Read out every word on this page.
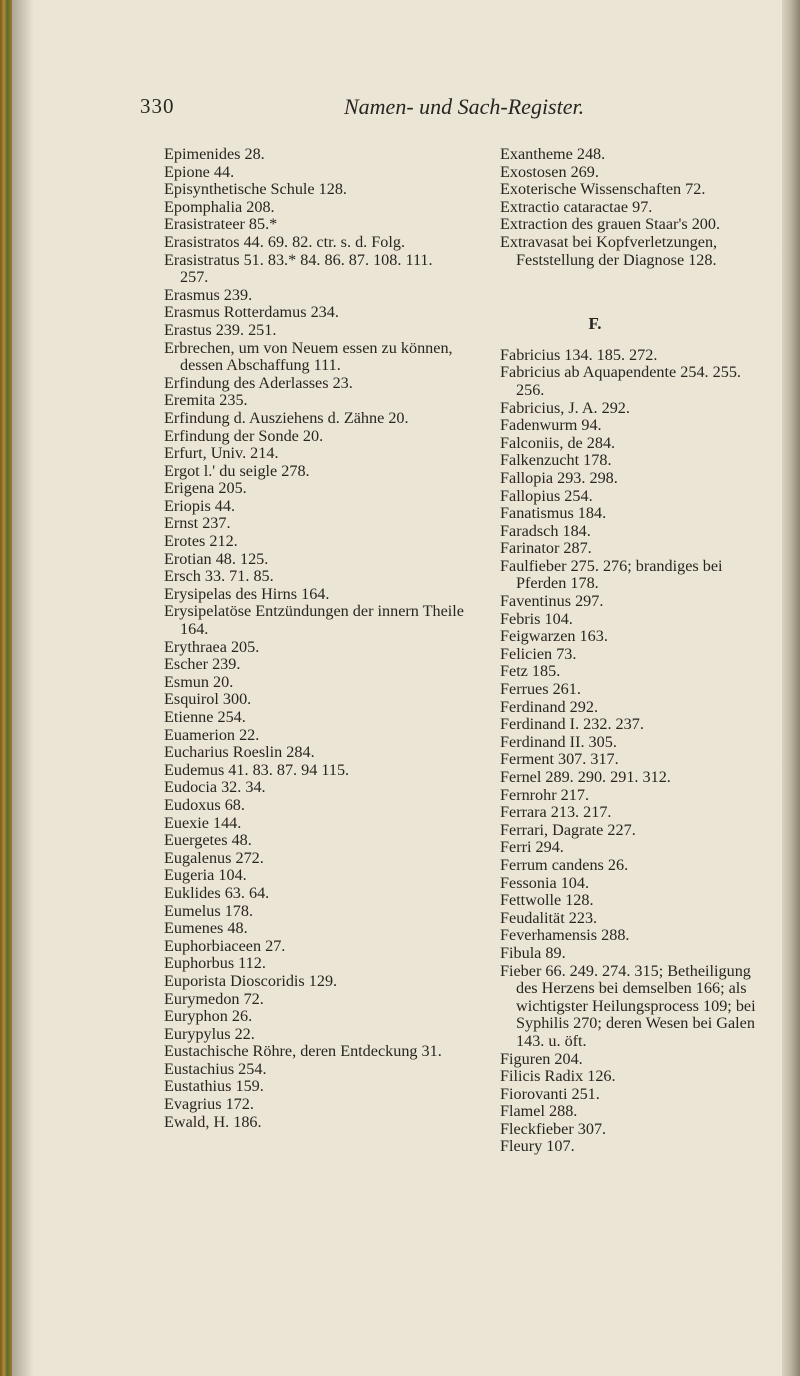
330	Namen- und Sach-Register.
Epimenides 28.
Epione 44.
Episynthetische Schule 128.
Epomphalia 208.
Erasistrateer 85.*
Erasistratos 44. 69. 82. ctr. s. d. Folg.
Erasistratus 51. 83.* 84. 86. 87. 108. 111. 257.
Erasmus 239.
Erasmus Rotterdamus 234.
Erastus 239. 251.
Erbrechen, um von Neuem essen zu können, dessen Abschaffung 111.
Erfindung des Aderlasses 23.
Eremita 235.
Erfindung d. Ausziehens d. Zähne 20.
Erfindung der Sonde 20.
Erfurt, Univ. 214.
Ergot l.' du seigle 278.
Erigena 205.
Eriopis 44.
Ernst 237.
Erotes 212.
Erotian 48. 125.
Ersch 33. 71. 85.
Erysipelas des Hirns 164.
Erysipelatöse Entzündungen der innern Theile 164.
Erythraea 205.
Escher 239.
Esmun 20.
Esquirol 300.
Etienne 254.
Euamerion 22.
Eucharius Roeslin 284.
Eudemus 41. 83. 87. 94 115.
Eudocia 32. 34.
Eudoxus 68.
Euexie 144.
Euergetes 48.
Eugalenus 272.
Eugeria 104.
Euklides 63. 64.
Eumelus 178.
Eumenes 48.
Euphorbiaceen 27.
Euphorbus 112.
Euporista Dioscoridis 129.
Eurymedon 72.
Euryphon 26.
Eurypylus 22.
Eustachische Röhre, deren Entdeckung 31.
Eustachius 254.
Eustathius 159.
Evagrius 172.
Ewald, H. 186.
Exantheme 248.
Exostosen 269.
Exoterische Wissenschaften 72.
Extractio cataractae 97.
Extraction des grauen Staar's 200.
Extravasat bei Kopfverletzungen, Feststellung der Diagnose 128.
F.
Fabricius 134. 185. 272.
Fabricius ab Aquapendente 254. 255. 256.
Fabricius, J. A. 292.
Fadenwurm 94.
Falconiis, de 284.
Falkenzucht 178.
Fallopia 293. 298.
Fallopius 254.
Fanatismus 184.
Faradsch 184.
Farinator 287.
Faulfieber 275. 276; brandiges bei Pferden 178.
Faventinus 297.
Febris 104.
Feigwarzen 163.
Felicien 73.
Fetz 185.
Ferrues 261.
Ferdinand 292.
Ferdinand I. 232. 237.
Ferdinand II. 305.
Ferment 307. 317.
Fernel 289. 290. 291. 312.
Fernrohr 217.
Ferrara 213. 217.
Ferrari, Dagrate 227.
Ferri 294.
Ferrum candens 26.
Fessonia 104.
Fettwolle 128.
Feudalität 223.
Feverhamensis 288.
Fibula 89.
Fieber 66. 249. 274. 315; Betheiligung des Herzens bei demselben 166; als wichtigster Heilungsprocess 109; bei Syphilis 270; deren Wesen bei Galen 143. u. öft.
Figuren 204.
Filicis Radix 126.
Fiorovanti 251.
Flamel 288.
Fleckfieber 307.
Fleury 107.
